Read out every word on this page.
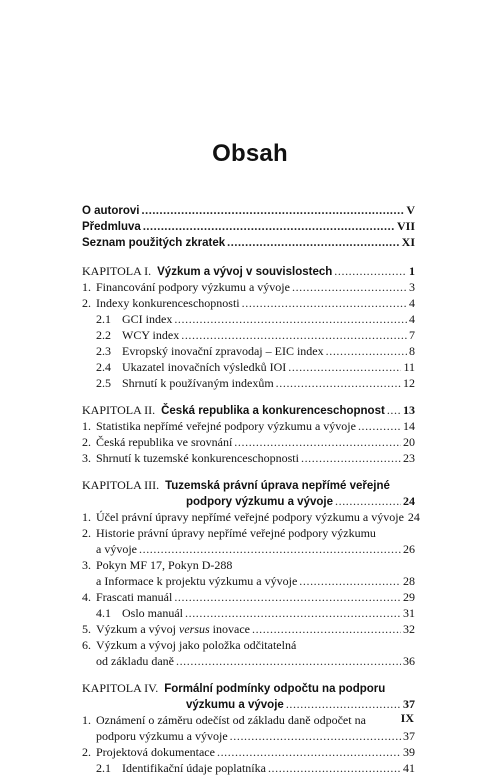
Obsah
O autorovi . . .	V
Předmluva . . .	VII
Seznam použitých zkratek . . .	XI
KAPITOLA I. Výzkum a vývoj v souvislostech . . .	1
1. Financování podpory výzkumu a vývoje . . .	3
2. Indexy konkurenceschopnosti . . .	4
2.1 GCI index . . .	4
2.2 WCY index . . .	7
2.3 Evropský inovační zpravodaj – EIC index . . .	8
2.4 Ukazatel inovačních výsledků IOI . . .	11
2.5 Shrnutí k používaným indexům . . .	12
KAPITOLA II. Česká republika a konkurenceschopnost . . . 13
1. Statistika nepřímé veřejné podpory výzkumu a vývoje . . .	14
2. Česká republika ve srovnání . . .	20
3. Shrnutí k tuzemské konkurenceschopnosti . . .	23
KAPITOLA III. Tuzemská právní úprava nepřímé veřejné
podpory výzkumu a vývoje . . .	24
1. Účel právní úpravy nepřímé veřejné podpory výzkumu a vývoje 24
2. Historie právní úpravy nepřímé veřejné podpory výzkumu
a vývoje . . .	26
3. Pokyn MF 17, Pokyn D-288
a Informace k projektu výzkumu a vývoje . . .	28
4. Frascati manuál . . .	29
4.1 Oslo manuál . . .	31
5. Výzkum a vývoj versus inovace . . .	32
6. Výzkum a vývoj jako položka odčitatelná
od základu daně . . .	36
KAPITOLA IV. Formální podmínky odpočtu na podporu
výzkumu a vývoje . . .	37
1. Oznámení o záměru odečíst od základu daně odpočet na
podporu výzkumu a vývoje . . .	37
2. Projektová dokumentace . . .	39
2.1 Identifikační údaje poplatníka . . .	41
IX
